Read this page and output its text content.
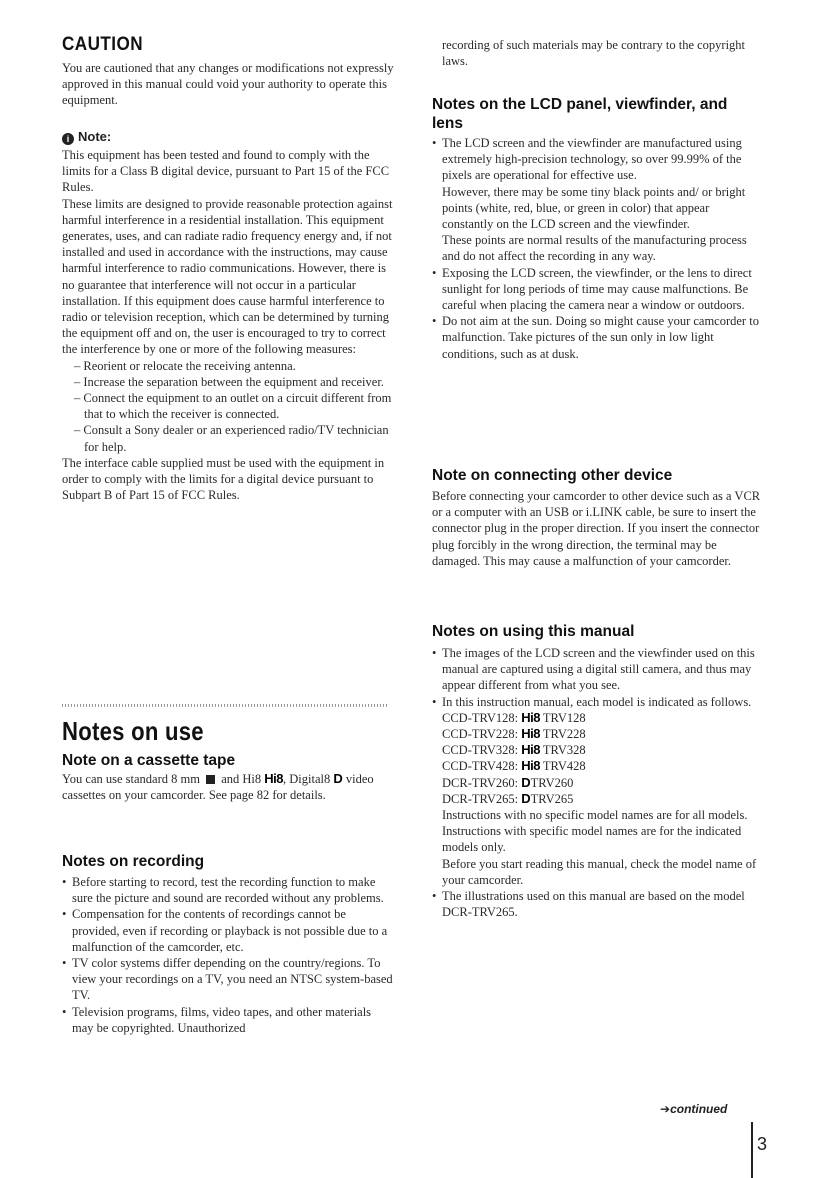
CAUTION

You are cautioned that any changes or modifications not expressly approved in this manual could void your authority to operate this equipment.

i Note:

This equipment has been tested and found to comply with the limits for a Class B digital device, pursuant to Part 15 of the FCC Rules.

These limits are designed to provide reasonable protection against harmful interference in a residential installation. This equipment generates, uses, and can radiate radio frequency energy and, if not installed and used in accordance with the instructions, may cause harmful interference to radio communications. However, there is no guarantee that interference will not occur in a particular installation. If this equipment does cause harmful interference to radio or television reception, which can be determined by turning the equipment off and on, the user is encouraged to try to correct the interference by one or more of the following measures:

– Reorient or relocate the receiving antenna.

– Increase the separation between the equipment and receiver.

– Connect the equipment to an outlet on a circuit different from that to which the receiver is connected.

– Consult a Sony dealer or an experienced radio/TV technician for help.

The interface cable supplied must be used with the equipment in order to comply with the limits for a digital device pursuant to Subpart B of Part 15 of FCC Rules.

Notes on use
Note on a cassette tape

You can use standard 8 mm and Hi8 Hi8, Digital8 D video cassettes on your camcorder. See page 82 for details.

Notes on recording
• Before starting to record, test the recording function to make sure the picture and sound are recorded without any problems.
• Compensation for the contents of recordings cannot be provided, even if recording or playback is not possible due to a malfunction of the camcorder, etc.
• TV color systems differ depending on the country/regions. To view your recordings on a TV, you need an NTSC system-based TV.
• Television programs, films, video tapes, and other materials may be copyrighted. Unauthorized
recording of such materials may be contrary to the copyright laws.
Notes on the LCD panel, viewfinder, and lens

• The LCD screen and the viewfinder are manufactured using extremely high-precision technology, so over 99.99% of the pixels are operational for effective use.

However, there may be some tiny black points and/ or bright points (white, red, blue, or green in color) that appear constantly on the LCD screen and the viewfinder.

These points are normal results of the manufacturing process and do not affect the recording in any way.

• Exposing the LCD screen, the viewfinder, or the lens to direct sunlight for long periods of time may cause malfunctions. Be careful when placing the camera near a window or outdoors.
• Do not aim at the sun. Doing so might cause your camcorder to malfunction. Take pictures of the sun only in low light conditions, such as at dusk.
Note on connecting other device
Before connecting your camcorder to other device such as a VCR or a computer with an USB or i.LINK cable, be sure to insert the connector plug in the proper direction. If you insert the connector plug forcibly in the wrong direction, the terminal may be damaged. This may cause a malfunction of your camcorder.
Notes on using this manual
• The images of the LCD screen and the viewfinder used on this manual are captured using a digital still camera, and thus may appear different from what you see.

• In this instruction manual, each model is indicated as follows.

CCD-TRV128: Hi8 TRV128

CCD-TRV228: Hi8 TRV228

CCD-TRV328: Hi8 TRV328

CCD-TRV428: Hi8 TRV428

DCR-TRV260: DTRV260

DCR-TRV265: DTRV265

Instructions with no specific model names are for all models.

Instructions with specific model names are for the indicated models only.

Before you start reading this manual, check the model name of your camcorder.

• The illustrations used on this manual are based on the model DCR-TRV265.
➔continued
3
